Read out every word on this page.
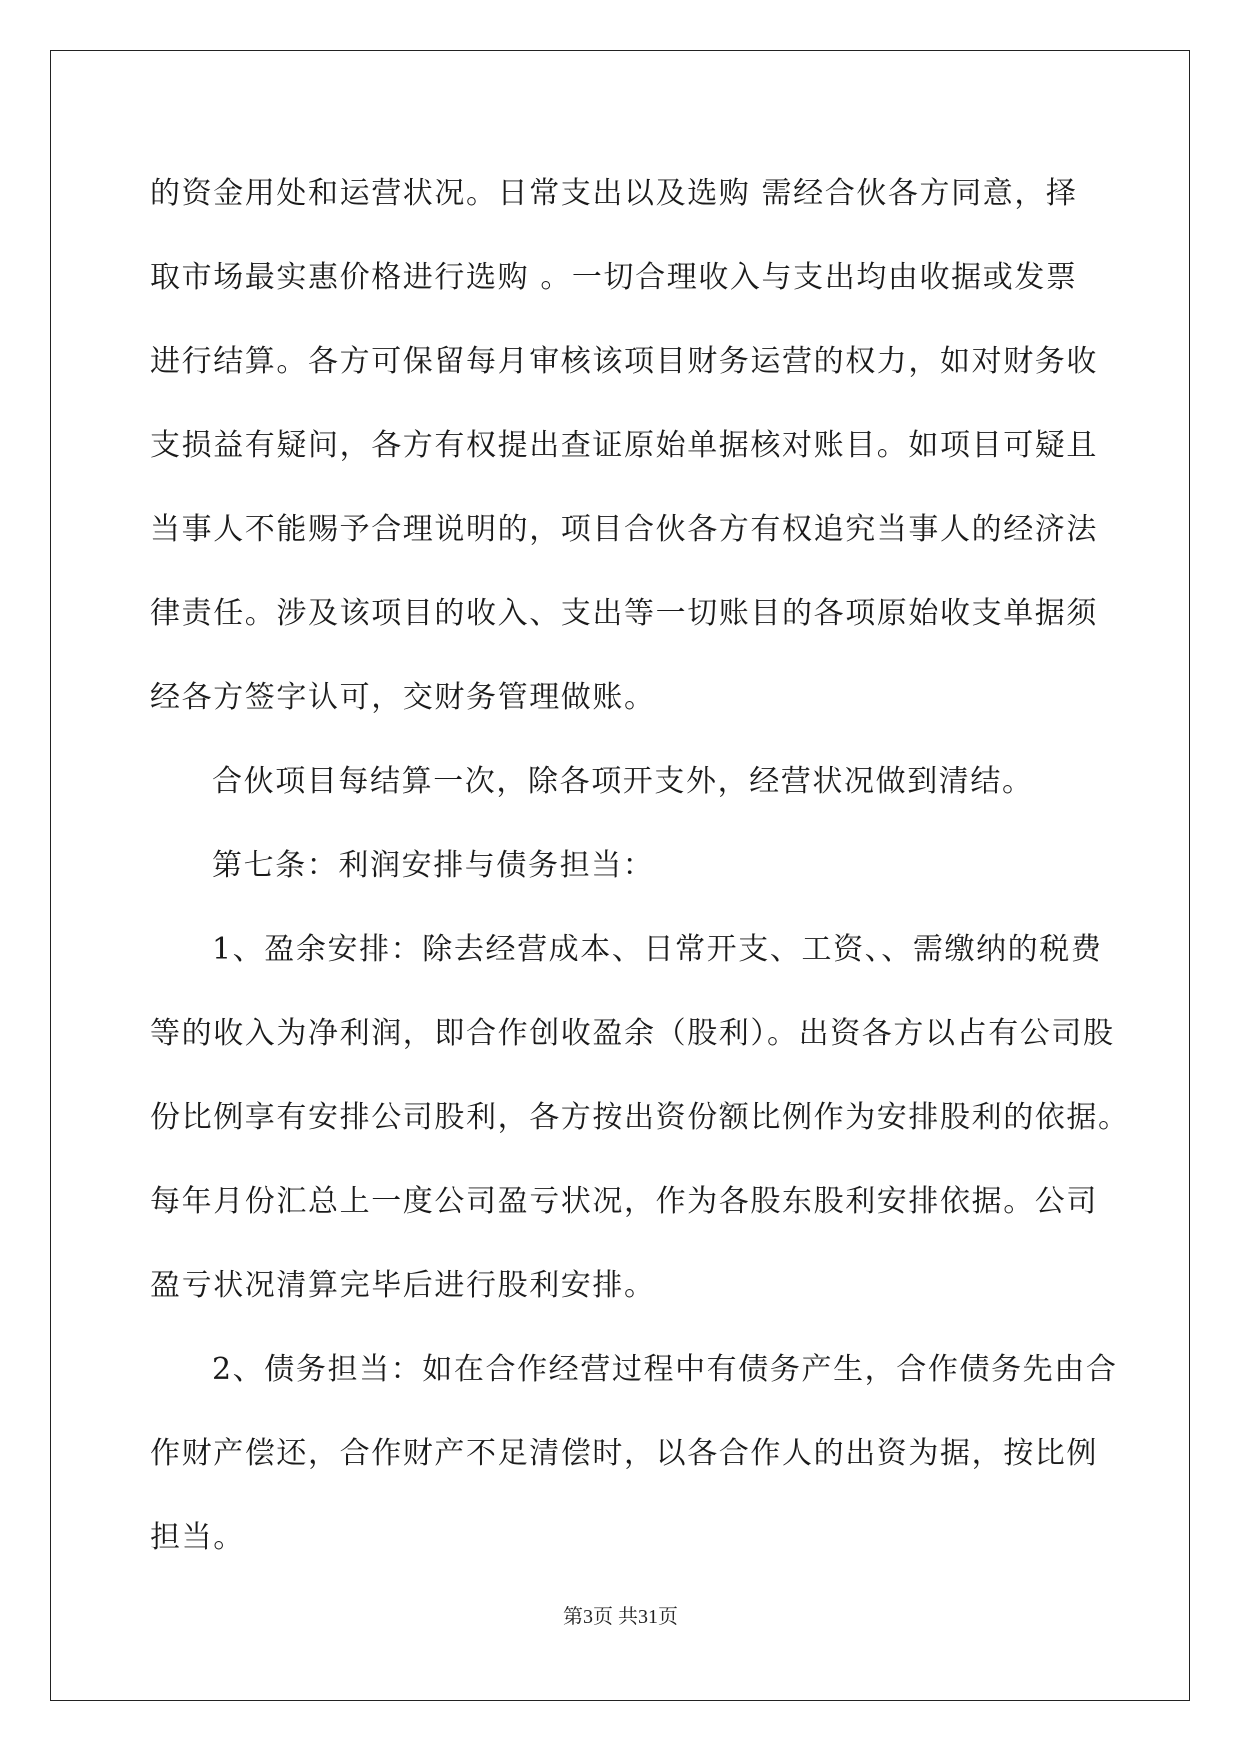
的资金用处和运营状况。日常支出以及选购 需经合伙各方同意，择
取市场最实惠价格进行选购 。一切合理收入与支出均由收据或发票
进行结算。各方可保留每月审核该项目财务运营的权力，如对财务收
支损益有疑问，各方有权提出查证原始单据核对账目。如项目可疑且
当事人不能赐予合理说明的，项目合伙各方有权追究当事人的经济法
律责任。涉及该项目的收入、支出等一切账目的各项原始收支单据须
经各方签字认可，交财务管理做账。
合伙项目每结算一次，除各项开支外，经营状况做到清结。
第七条：利润安排与债务担当：
1、盈余安排：除去经营成本、日常开支、工资、、需缴纳的税费
等的收入为净利润，即合作创收盈余（股利）。出资各方以占有公司股
份比例享有安排公司股利，各方按出资份额比例作为安排股利的依据。
每年月份汇总上一度公司盈亏状况，作为各股东股利安排依据。公司
盈亏状况清算完毕后进行股利安排。
2、债务担当：如在合作经营过程中有债务产生，合作债务先由合
作财产偿还，合作财产不足清偿时，以各合作人的出资为据，按比例
担当。
第3页 共31页
